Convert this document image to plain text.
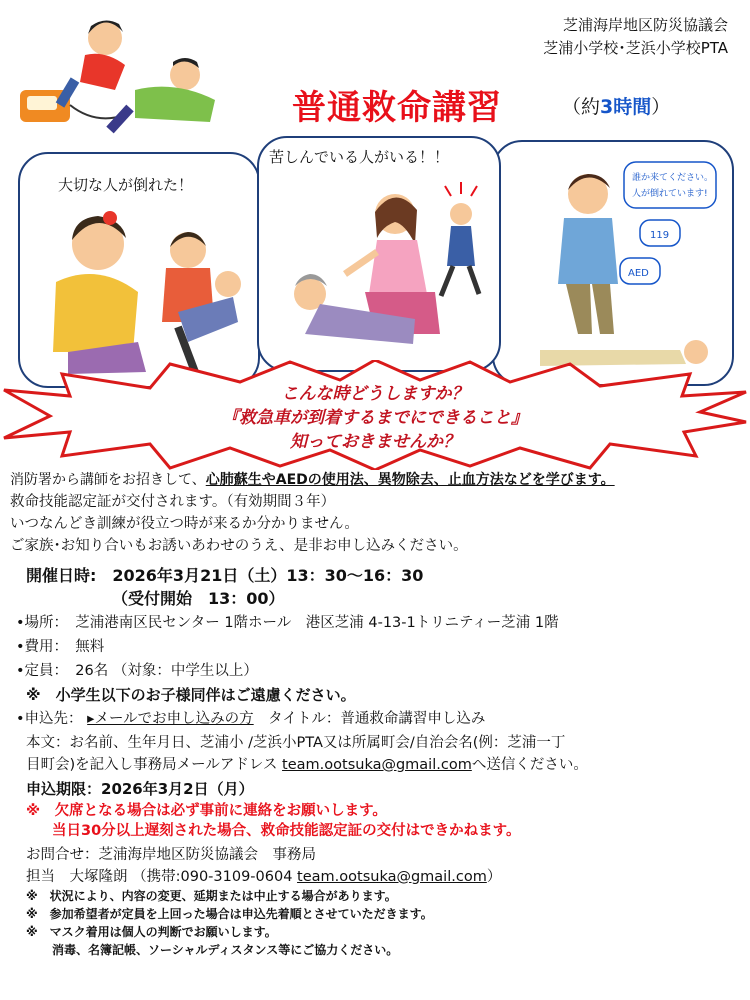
芝浦海岸地区防災協議会
芝浦小学校･芝浜小学校PTA
普通救命講習	（約3時間）
大切な人が倒れた！
苦しんでいる人がいる！！
誰か来てください。
人が倒れています!
119
AED
こんな時どうしますか？
『救急車が到着するまでにできること』
知っておきませんか？
消防署から講師をお招きして、心肺蘇生やAEDの使用法、異物除去、止血方法などを学びます。
救命技能認定証が交付されます。（有効期間３年）
いつなんどき訓練が役立つ時が来るか分かりません。
ご家族･お知り合いもお誘いあわせのうえ、是非お申し込みください。
開催日時:　2026年3月21日（土）13：30～16：30
（受付開始　13：00）
•場所：　芝浦港南区民センター 1階ホール　港区芝浦 4-13-1トリニティー芝浦 1階
•費用：　無料
•定員：　26名 （対象：中学生以上）
※　小学生以下のお子様同伴はご遠慮ください。
•申込先： ▸メールでお申し込みの方　タイトル：普通救命講習申し込み
本文：お名前、生年月日、芝浦小 /芝浜小PTA又は所属町会/自治会名(例：芝浦一丁
目町会)を記入し事務局メールアドレス team.ootsuka@gmail.comへ送信ください。
申込期限：2026年3月2日（月）
※　欠席となる場合は必ず事前に連絡をお願いします。
当日30分以上遅刻された場合、救命技能認定証の交付はできかねます。
お問合せ：芝浦海岸地区防災協議会　事務局
担当　大塚隆朗 （携帯:090-3109-0604 team.ootsuka@gmail.com）
※　状況により、内容の変更、延期または中止する場合があります。
※　参加希望者が定員を上回った場合は申込先着順とさせていただきます。
※　マスク着用は個人の判断でお願いします。
消毒、名簿記帳、ソーシャルディスタンス等にご協力ください。
